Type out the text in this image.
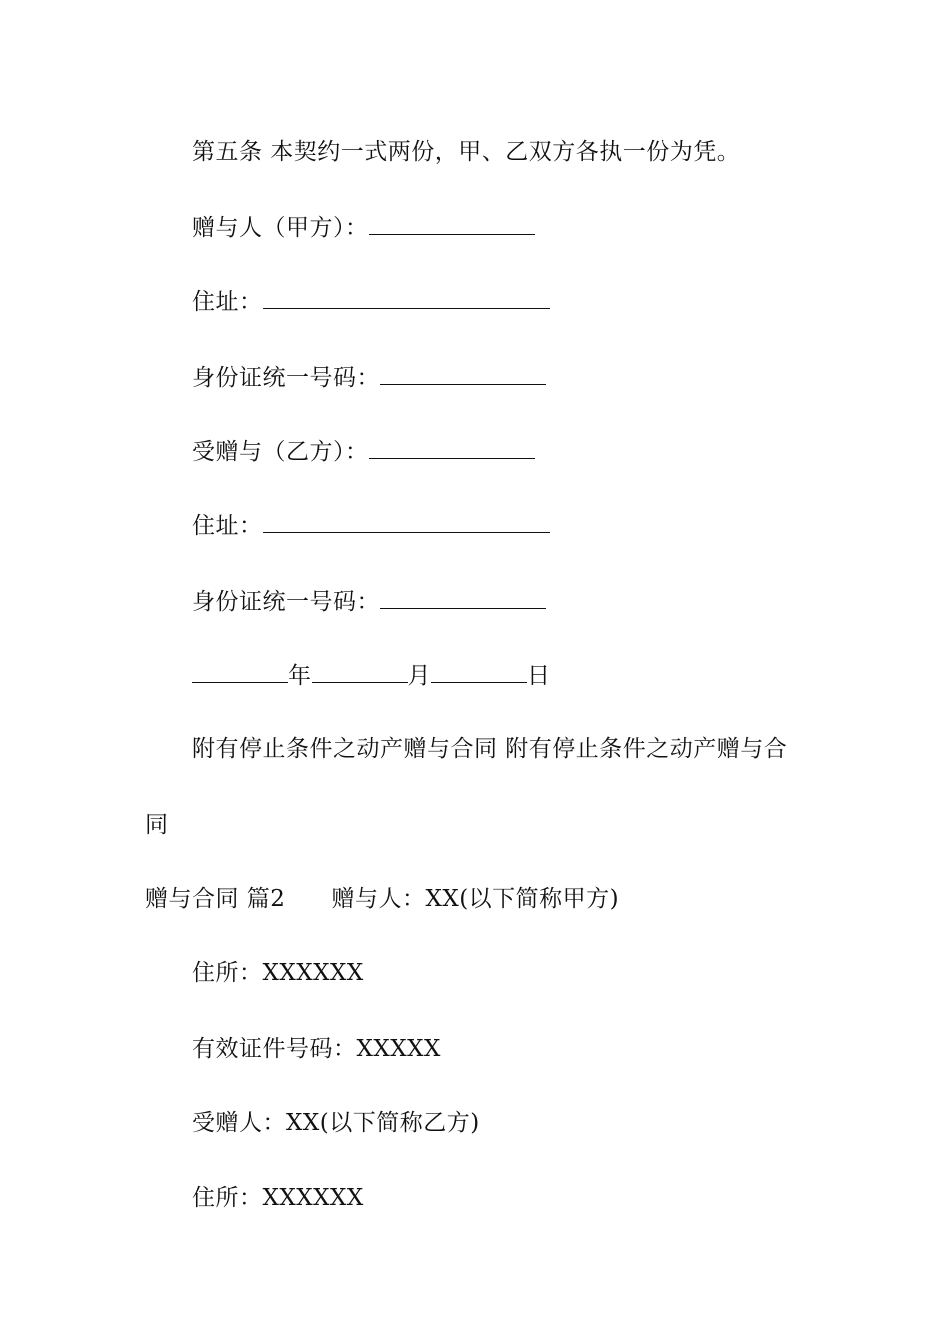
第五条 本契约一式两份，甲、乙双方各执一份为凭。
赠与人（甲方）：
住址：
身份证统一号码：
受赠与（乙方）：
住址：
身份证统一号码：
年	月	日
附有停止条件之动产赠与合同 附有停止条件之动产赠与合
同
赠与合同 篇2 赠与人：XX(以下简称甲方)
住所：XXXXXX
有效证件号码：XXXXX
受赠人：XX(以下简称乙方)
住所：XXXXXX
